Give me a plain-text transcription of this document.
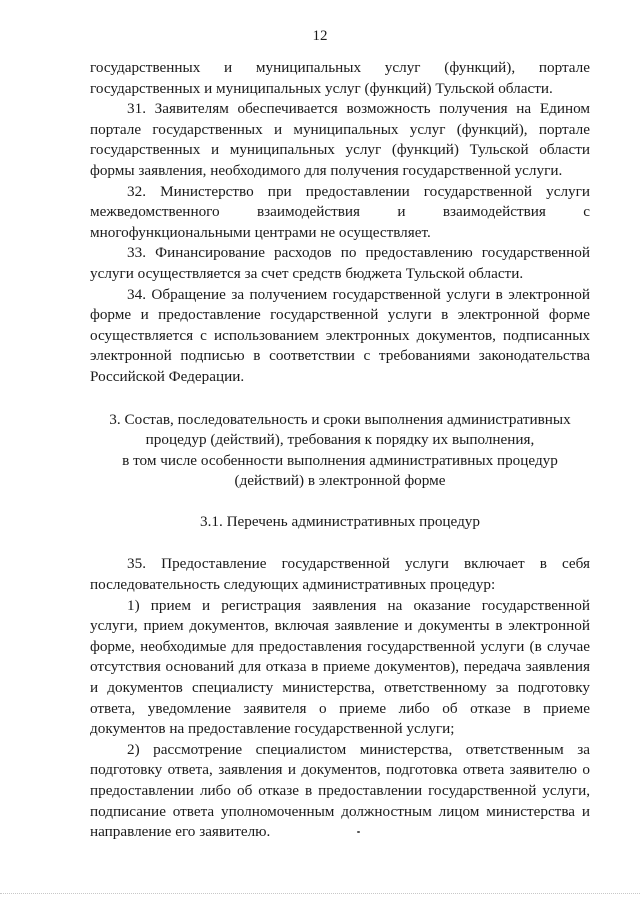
12

государственных и муниципальных услуг (функций), портале государственных и муниципальных услуг (функций) Тульской области.

31. Заявителям обеспечивается возможность получения на Едином портале государственных и муниципальных услуг (функций), портале государственных и муниципальных услуг (функций) Тульской области формы заявления, необходимого для получения государственной услуги.

32. Министерство при предоставлении государственной услуги межведомственного взаимодействия и взаимодействия с многофункциональными центрами не осуществляет.

33. Финансирование расходов по предоставлению государственной услуги осуществляется за счет средств бюджета Тульской области.

34. Обращение за получением государственной услуги в электронной форме и предоставление государственной услуги в электронной форме осуществляется с использованием электронных документов, подписанных электронной подписью в соответствии с требованиями законодательства Российской Федерации.

3. Состав, последовательность и сроки выполнения административных

процедур (действий), требования к порядку их выполнения,

в том числе особенности выполнения административных процедур

(действий) в электронной форме

3.1. Перечень административных процедур

35. Предоставление государственной услуги включает в себя последовательность следующих административных процедур:

1) прием и регистрация заявления на оказание государственной услуги, прием документов, включая заявление и документы в электронной форме, необходимые для предоставления государственной услуги (в случае отсутствия оснований для отказа в приеме документов), передача заявления и документов специалисту министерства, ответственному за подготовку ответа, уведомление заявителя о приеме либо об отказе в приеме документов на предоставление государственной услуги;

2) рассмотрение специалистом министерства, ответственным за подготовку ответа, заявления и документов, подготовка ответа заявителю о предоставлении либо об отказе в предоставлении государственной услуги, подписание ответа уполномоченным должностным лицом министерства и направление его заявителю.
